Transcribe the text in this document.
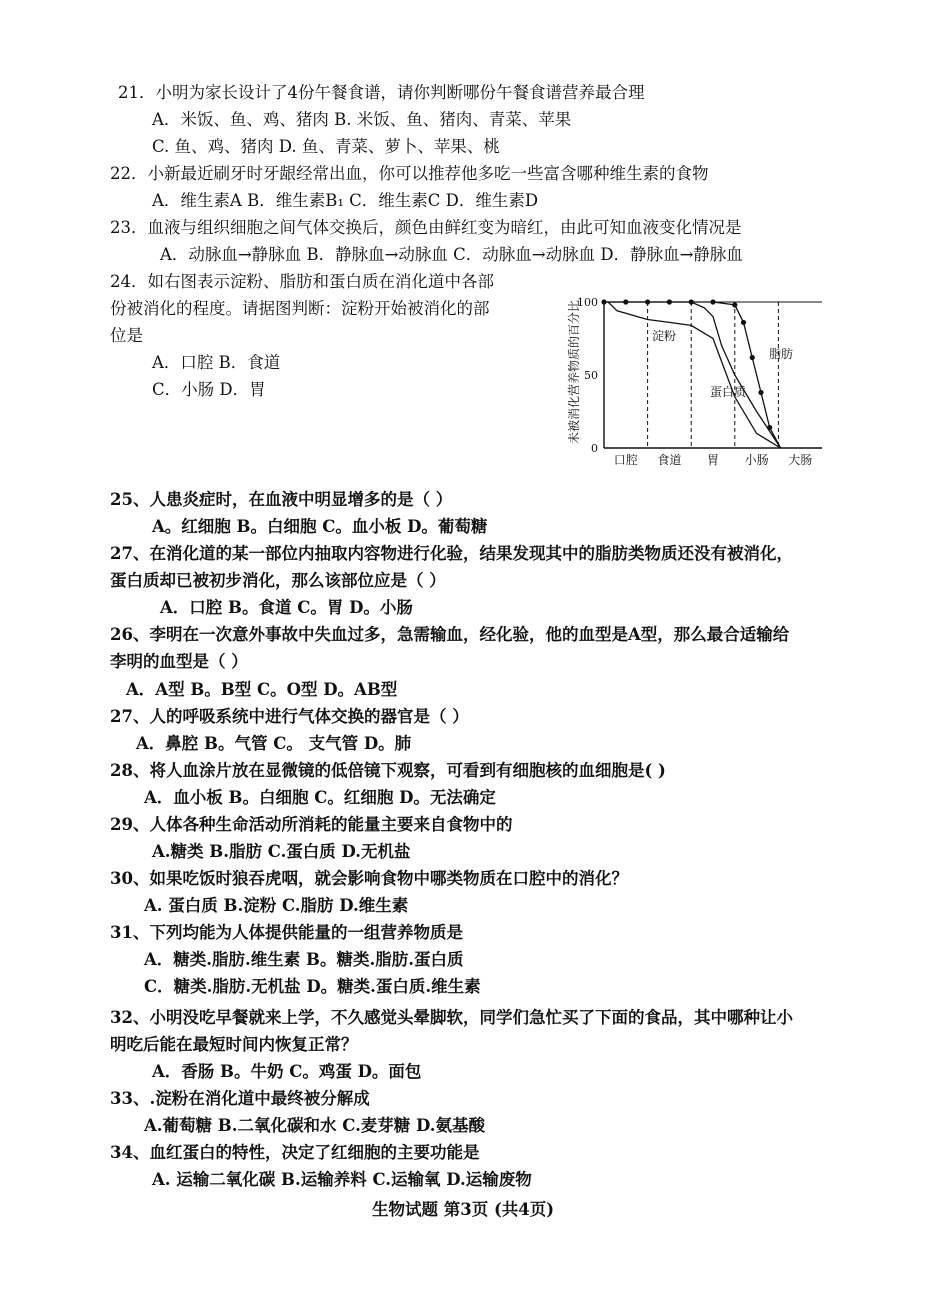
21．小明为家长设计了4份午餐食谱，请你判断哪份午餐食谱营养最合理
A．米饭、鱼、鸡、猪肉 B. 米饭、鱼、猪肉、青菜、苹果
C. 鱼、鸡、猪肉 D. 鱼、青菜、萝卜、苹果、桃
22．小新最近刷牙时牙龈经常出血，你可以推荐他多吃一些富含哪种维生素的食物
A．维生素A B．维生素B₁ C．维生素C D．维生素D
23．血液与组织细胞之间气体交换后，颜色由鲜红变为暗红，由此可知血液变化情况是
A．动脉血→静脉血 B．静脉血→动脉血 C．动脉血→动脉血 D．静脉血→静脉血
24．如右图表示淀粉、脂肪和蛋白质在消化道中各部
份被消化的程度。请据图判断：淀粉开始被消化的部
位是
A．口腔 B．食道
C．小肠 D．胃
25、人患炎症时，在血液中明显增多的是（ ）
A。红细胞 B。白细胞 C。血小板 D。葡萄糖
27、在消化道的某一部位内抽取内容物进行化验，结果发现其中的脂肪类物质还没有被消化，
蛋白质却已被初步消化，那么该部位应是（ ）
A．口腔 B。食道 C。胃 D。小肠
26、李明在一次意外事故中失血过多，急需输血，经化验，他的血型是A型，那么最合适输给
李明的血型是（ ）
A．A型 B。B型 C。O型 D。AB型
27、人的呼吸系统中进行气体交换的器官是（ ）
A．鼻腔 B。气管 C。 支气管 D。肺
28、将人血涂片放在显微镜的低倍镜下观察，可看到有细胞核的血细胞是( )
A．血小板 B。白细胞 C。红细胞 D。无法确定
29、人体各种生命活动所消耗的能量主要来自食物中的
A.糖类 B.脂肪 C.蛋白质 D.无机盐
30、如果吃饭时狼吞虎咽，就会影响食物中哪类物质在口腔中的消化？
A. 蛋白质 B.淀粉 C.脂肪 D.维生素
31、下列均能为人体提供能量的一组营养物质是
A．糖类.脂肪.维生素 B。糖类.脂肪.蛋白质
C．糖类.脂肪.无机盐 D。糖类.蛋白质.维生素
32、小明没吃早餐就来上学，不久感觉头晕脚软，同学们急忙买了下面的食品，其中哪种让小
明吃后能在最短时间内恢复正常？
A．香肠 B。牛奶 C。鸡蛋 D。面包
33、.淀粉在消化道中最终被分解成
A.葡萄糖 B.二氧化碳和水 C.麦芽糖 D.氨基酸
34、血红蛋白的特性，决定了红细胞的主要功能是
A. 运输二氧化碳 B.运输养料 C.运输氧 D.运输废物
生物试题 第3页 (共4页)
未被消化营养物质的百分比
100
50
0
口腔 食道 胃 小肠 大肠
淀粉
脂肪
蛋白质
